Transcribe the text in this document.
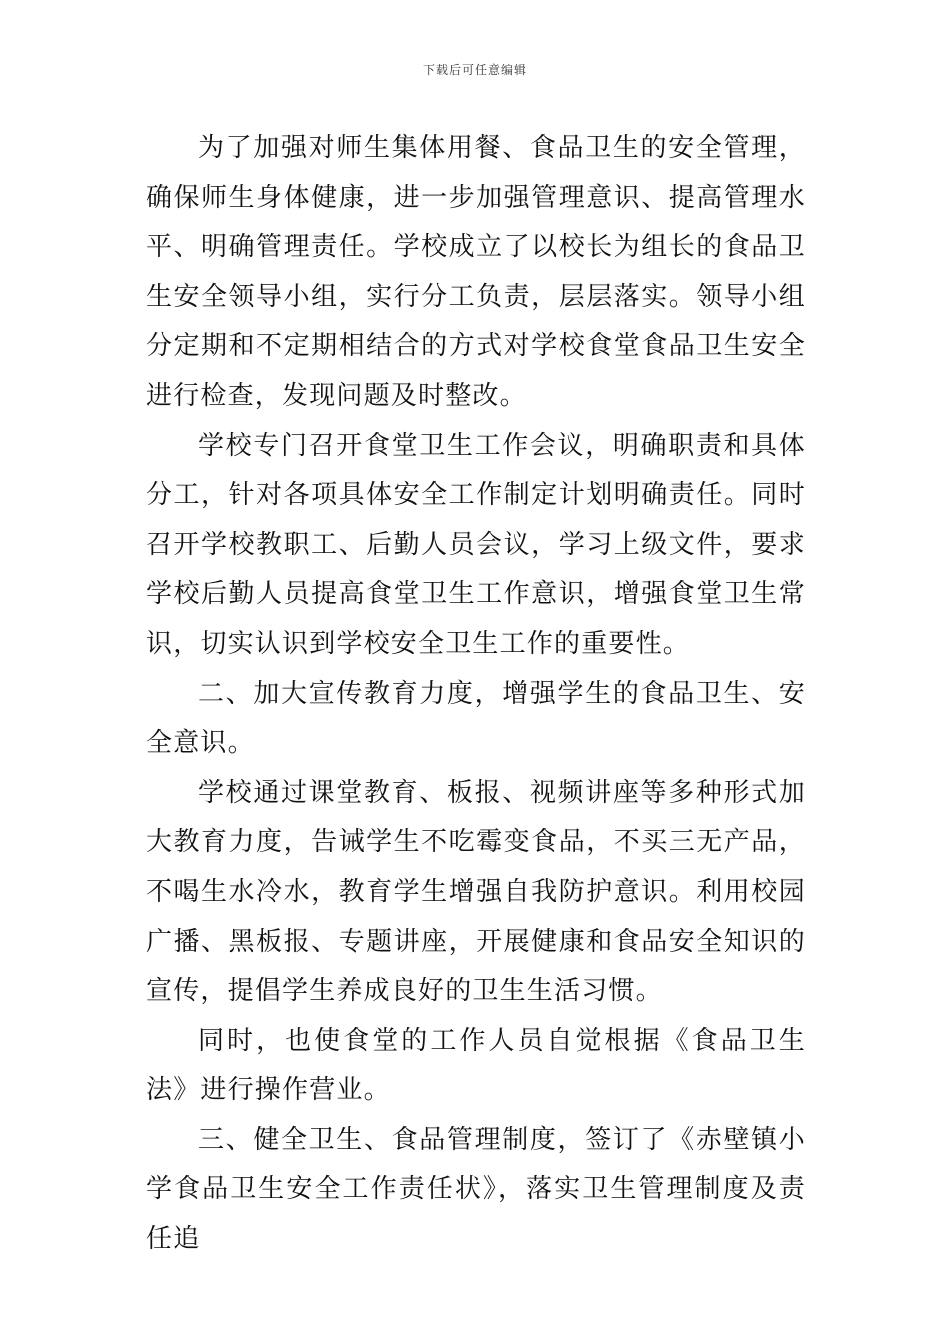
下载后可任意编辑

为了加强对师生集体用餐、食品卫生的安全管理，确保师生身体健康，进一步加强管理意识、提高管理水平、明确管理责任。学校成立了以校长为组长的食品卫生安全领导小组，实行分工负责，层层落实。领导小组分定期和不定期相结合的方式对学校食堂食品卫生安全进行检查，发现问题及时整改。

学校专门召开食堂卫生工作会议，明确职责和具体分工，针对各项具体安全工作制定计划明确责任。同时召开学校教职工、后勤人员会议，学习上级文件，要求学校后勤人员提高食堂卫生工作意识，增强食堂卫生常识，切实认识到学校安全卫生工作的重要性。

二、加大宣传教育力度，增强学生的食品卫生、安全意识。

学校通过课堂教育、板报、视频讲座等多种形式加大教育力度，告诫学生不吃霉变食品，不买三无产品，不喝生水冷水，教育学生增强自我防护意识。利用校园广播、黑板报、专题讲座，开展健康和食品安全知识的宣传，提倡学生养成良好的卫生生活习惯。

同时，也使食堂的工作人员自觉根据《食品卫生法》进行操作营业。

三、健全卫生、食品管理制度，签订了《赤壁镇小学食品卫生安全工作责任状》，落实卫生管理制度及责任追
